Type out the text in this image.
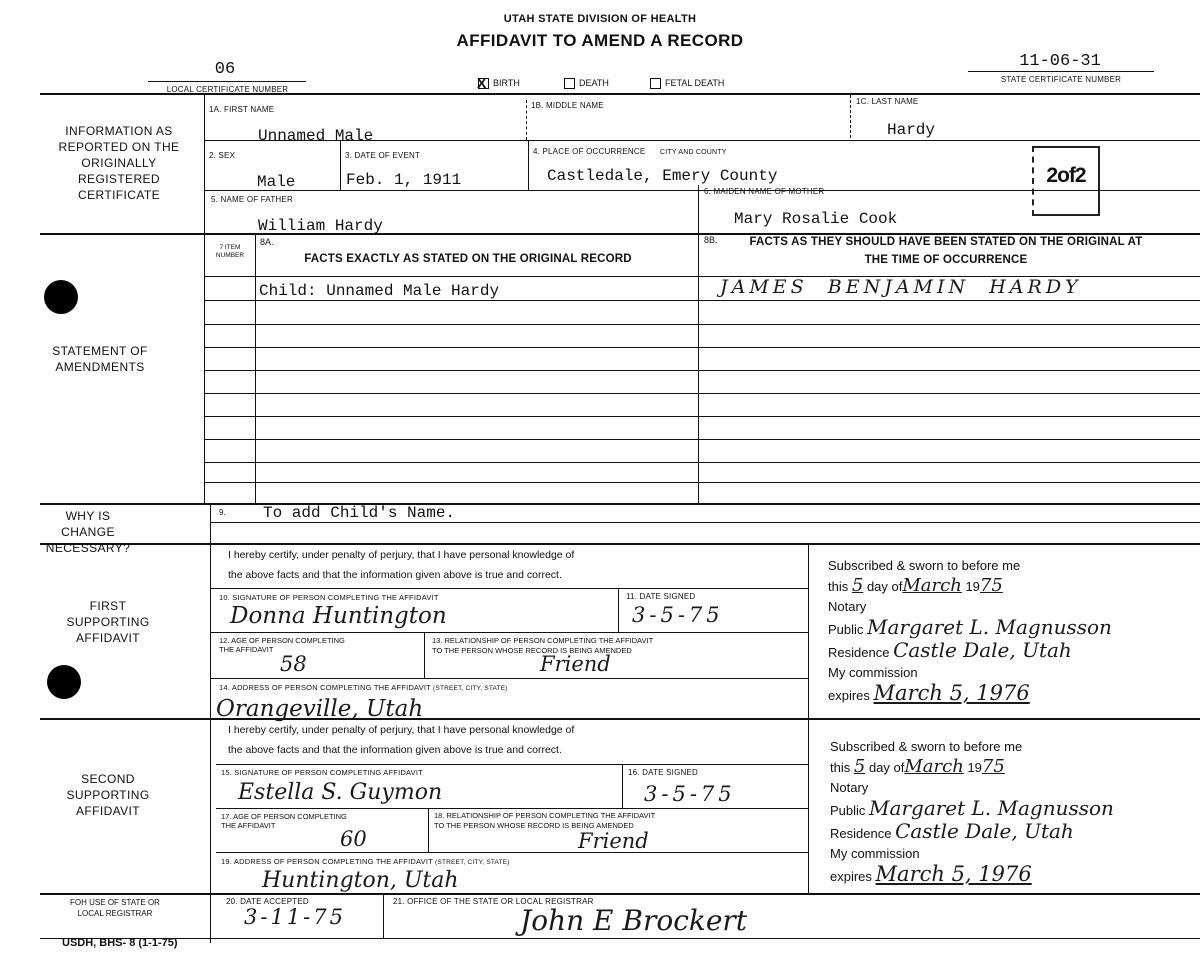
UTAH STATE DIVISION OF HEALTH
AFFIDAVIT TO AMEND A RECORD
06
LOCAL CERTIFICATE NUMBER	X BIRTH	DEATH	FETAL DEATH
11-06-31
STATE CERTIFICATE NUMBER
INFORMATION AS REPORTED ON THE ORIGINALLY REGISTERED CERTIFICATE
STATEMENT OF AMENDMENTS
WHY IS CHANGE NECESSARY?
FIRST SUPPORTING AFFIDAVIT
SECOND SUPPORTING AFFIDAVIT
FOH USE OF STATE OR LOCAL REGISTRAR
1A. FIRST NAME
Unnamed Male
1B. MIDDLE NAME	1C. LAST NAME
Hardy
2. SEX
Male
3. DATE OF EVENT
Feb. 1, 1911
4. PLACE OF OCCURRENCE CITY AND COUNTY
Castledale, Emery County	2of2
5. NAME OF FATHER
William Hardy
6. MAIDEN NAME OF MOTHER
Mary Rosalie Cook
7 ITEM NUMBER
8A.
FACTS EXACTLY AS STATED ON THE ORIGINAL RECORD
8B.	FACTS AS THEY SHOULD HAVE BEEN STATED ON THE ORIGINAL AT THE TIME OF OCCURRENCE
Child: Unnamed Male Hardy	JAMES  BENJAMIN  HARDY
9. To add Child's Name.
I hereby certify, under penalty of perjury, that I have personal knowledge of
the above facts and that the information given above is true and correct.
10. SIGNATURE OF PERSON COMPLETING THE AFFIDAVIT
Donna Huntington
11. DATE SIGNED
3-5-75
12. AGE OF PERSON COMPLETING THE AFFIDAVIT
58
13. RELATIONSHIP OF PERSON COMPLETING THE AFFIDAVIT TO THE PERSON WHOSE RECORD IS BEING AMENDED
Friend
14. ADDRESS OF PERSON COMPLETING THE AFFIDAVIT (STREET, CITY, STATE)
Orangeville, Utah
Subscribed & sworn to before me
this 5 day ofMarch 1975
Notary
Public Margaret L. Magnusson
Residence Castle Dale, Utah
My commission
expires March 5, 1976
I hereby certify, under penalty of perjury, that I have personal knowledge of
the above facts and that the information given above is true and correct.
15. SIGNATURE OF PERSON COMPLETING AFFIDAVIT
Estella S. Guymon
16. DATE SIGNED
3-5-75
17. AGE OF PERSON COMPLETING THE AFFIDAVIT
60
18. RELATIONSHIP OF PERSON COMPLETING THE AFFIDAVIT TO THE PERSON WHOSE RECORD IS BEING AMENDED
Friend
19. ADDRESS OF PERSON COMPLETING THE AFFIDAVIT (STREET, CITY, STATE)
Huntington, Utah
Subscribed & sworn to before me
this 5 day ofMarch 1975
Notary
Public Margaret L. Magnusson
Residence Castle Dale, Utah
My commission
expires March 5, 1976
20. DATE ACCEPTED
3-11-75
21. OFFICE OF THE STATE OR LOCAL REGISTRAR
John E Brockert
USDH, BHS- 8 (1-1-75)
